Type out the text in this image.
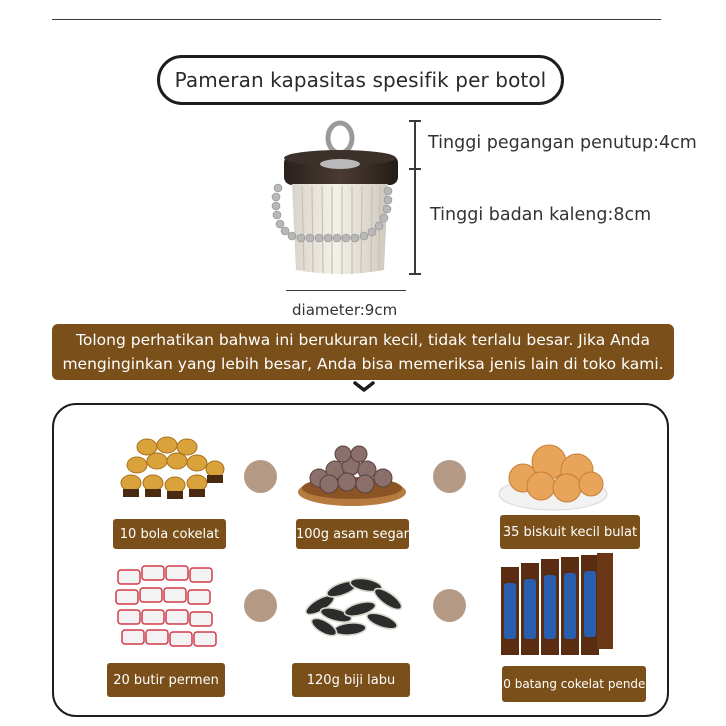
Pameran kapasitas spesifik per botol
Tinggi pegangan penutup:4cm
Tinggi badan kaleng:8cm
diameter:9cm
Tolong perhatikan bahwa ini berukuran kecil, tidak terlalu besar. Jika Anda
menginginkan yang lebih besar, Anda bisa memeriksa jenis lain di toko kami.
10 bola cokelat	100g asam segar	35 biskuit kecil bulat
20 butir permen	120g biji labu	10 batang cokelat pendek
